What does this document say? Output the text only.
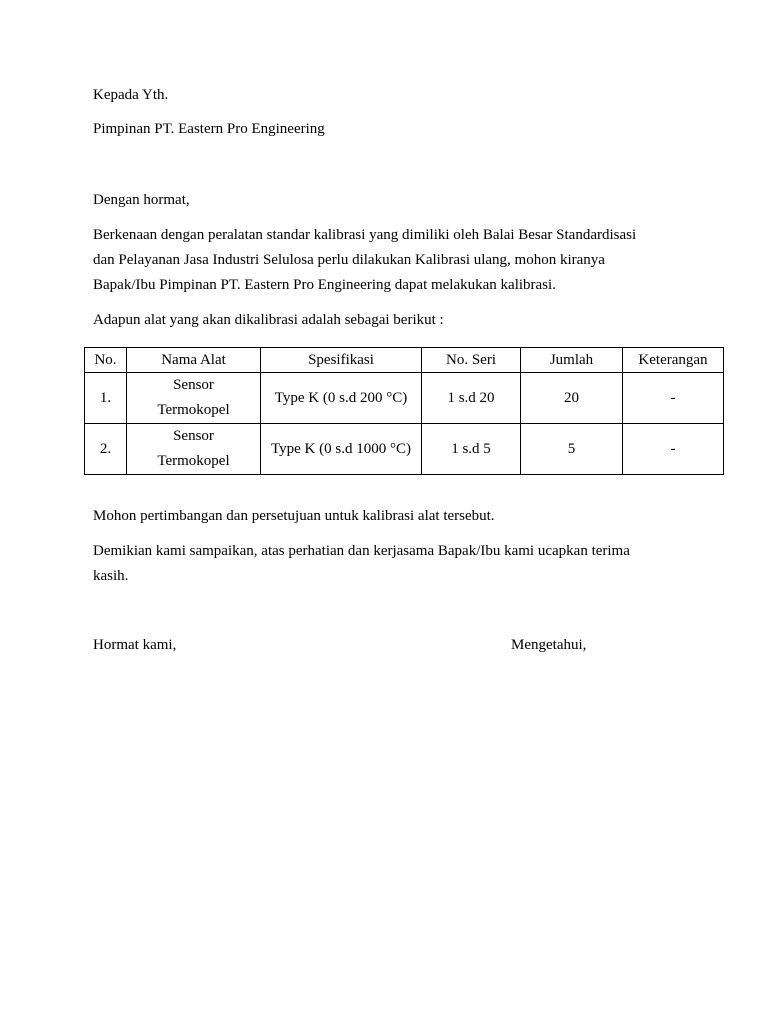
Kepada Yth.
Pimpinan PT. Eastern Pro Engineering
Dengan hormat,
Berkenaan dengan peralatan standar kalibrasi yang dimiliki oleh Balai Besar Standardisasi
dan Pelayanan Jasa Industri Selulosa perlu dilakukan Kalibrasi ulang, mohon kiranya
Bapak/Ibu Pimpinan PT. Eastern Pro Engineering dapat melakukan kalibrasi.
Adapun alat yang akan dikalibrasi adalah sebagai berikut :
No.	Nama Alat	Spesifikasi	No. Seri	Jumlah	Keterangan
1.	Sensor
Termokopel	Type K (0 s.d 200 °C)	1 s.d 20	20	-
2.	Sensor
Termokopel	Type K (0 s.d 1000 °C)	1 s.d 5	5	-
Mohon pertimbangan dan persetujuan untuk kalibrasi alat tersebut.
Demikian kami sampaikan, atas perhatian dan kerjasama Bapak/Ibu kami ucapkan terima
kasih.
Hormat kami,	Mengetahui,
